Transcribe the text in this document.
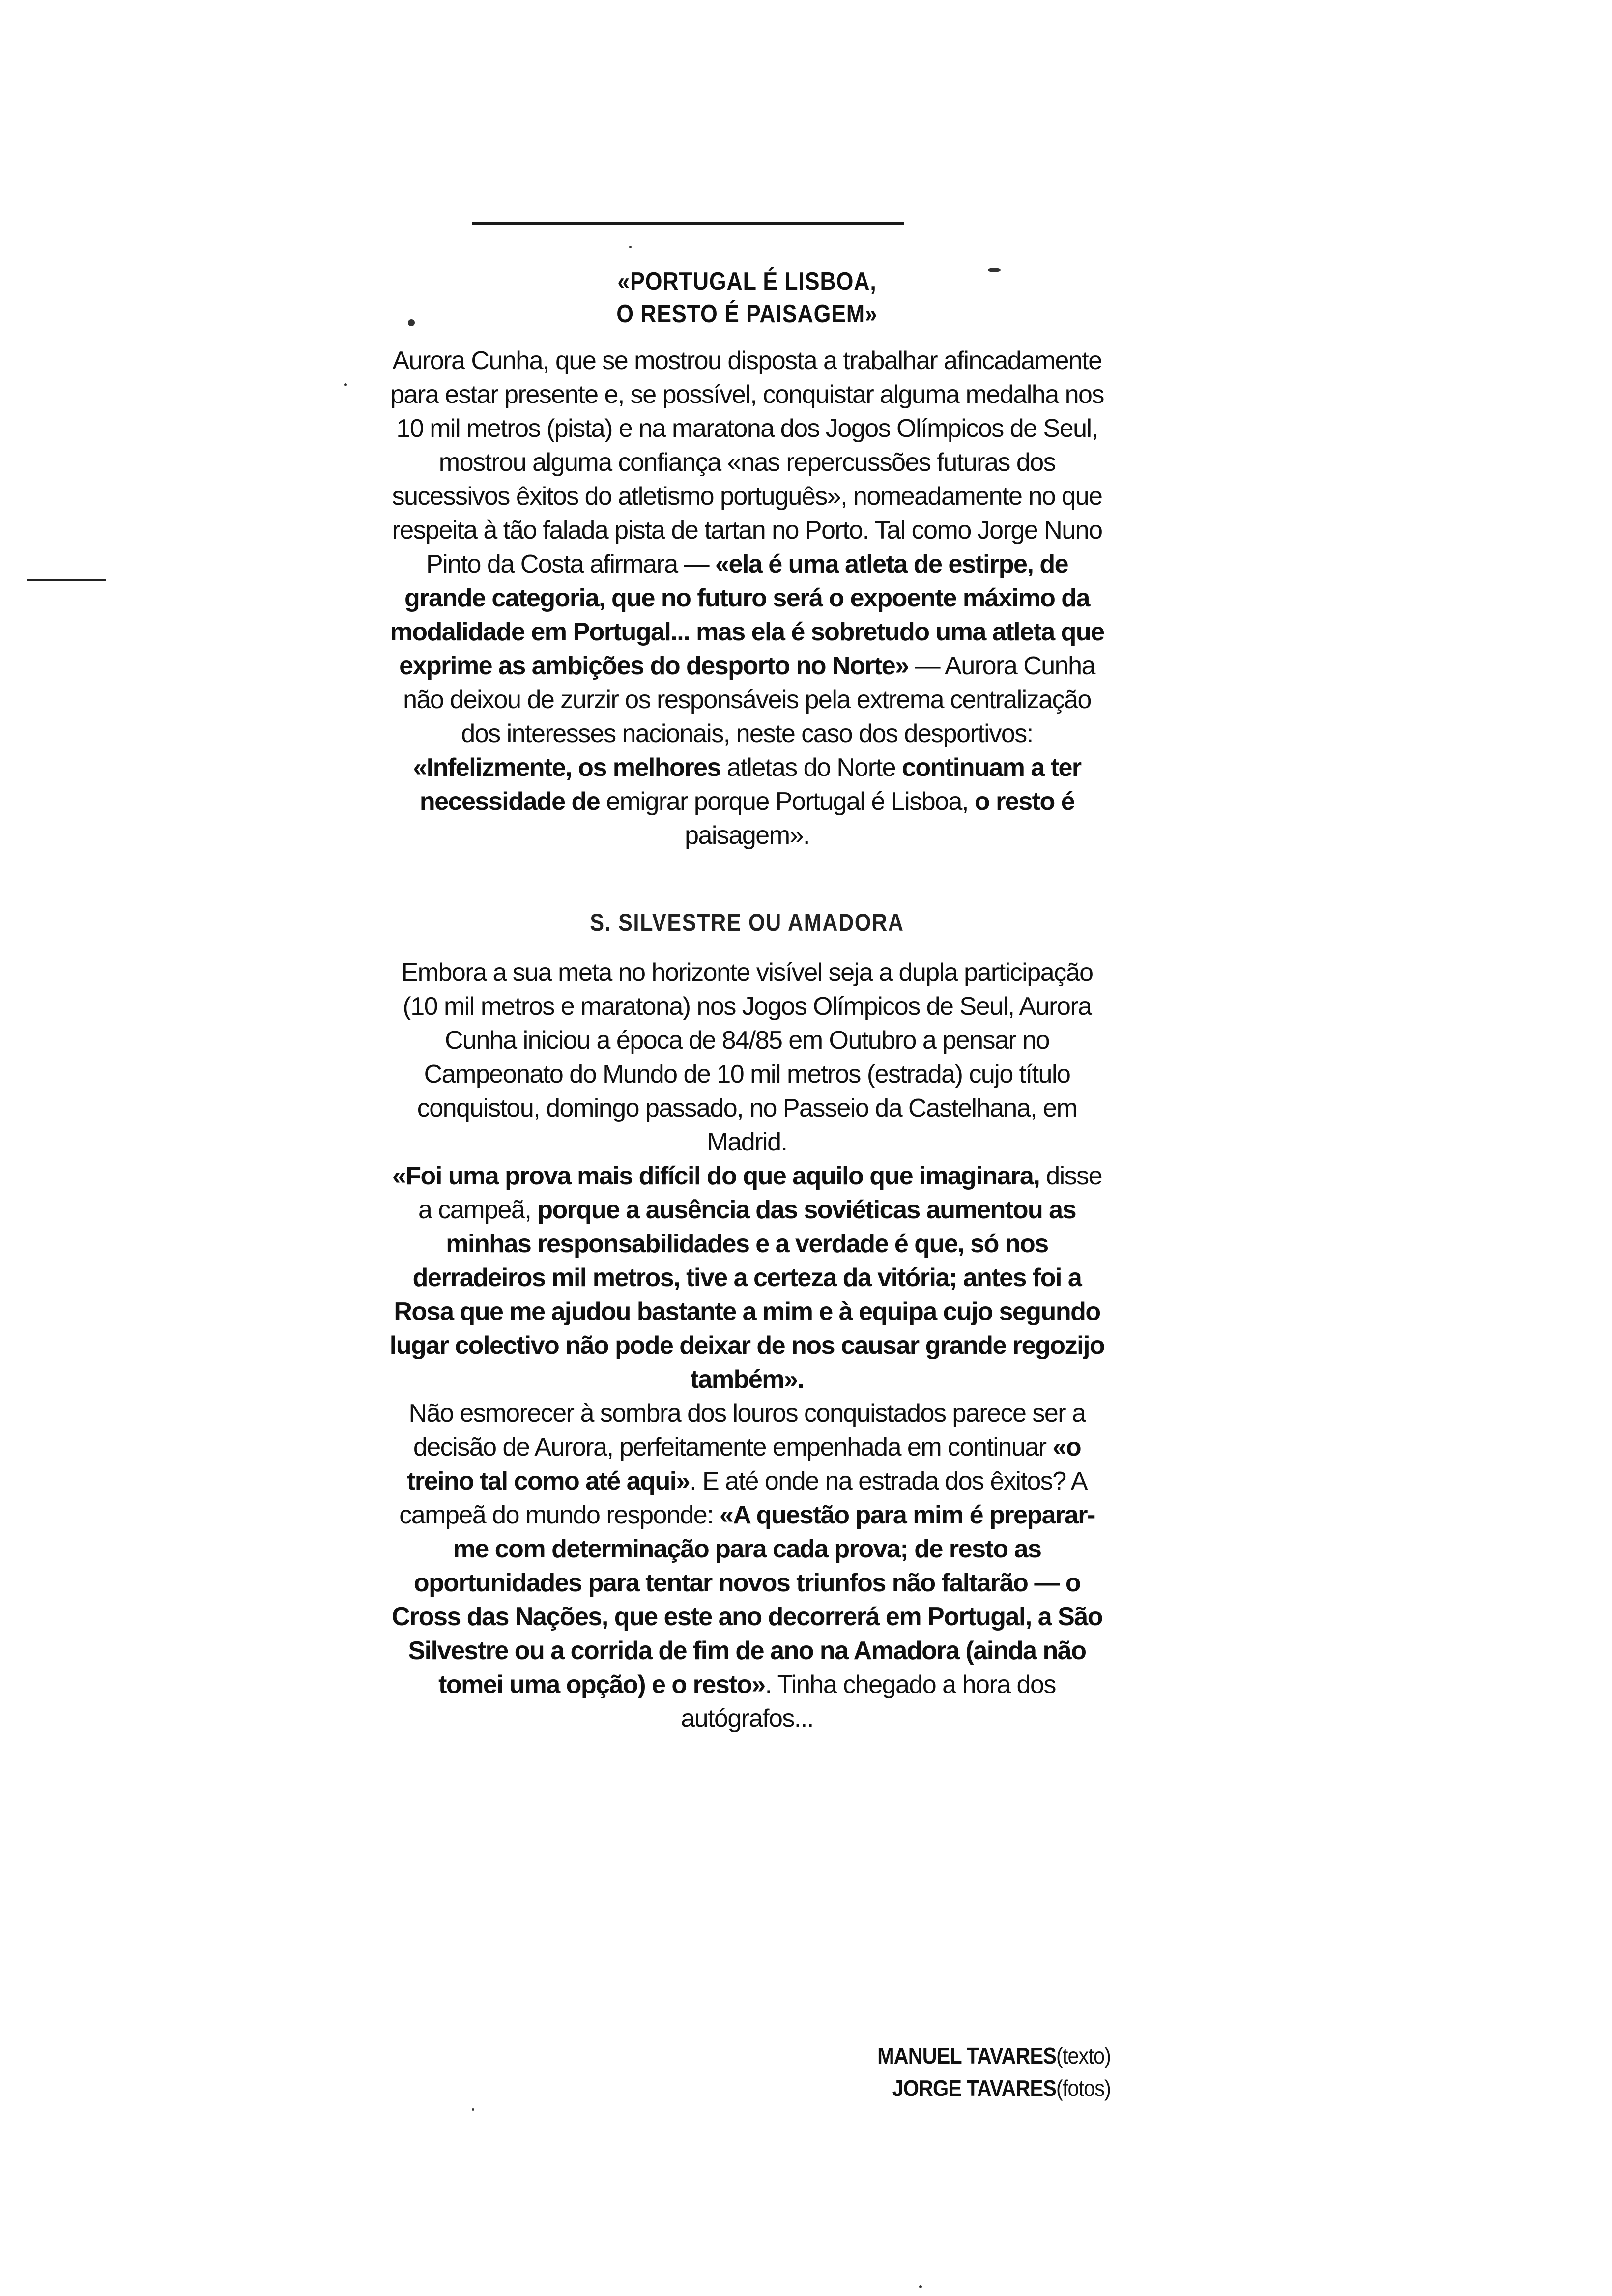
«PORTUGAL É LISBOA,
O RESTO É PAISAGEM»

Aurora Cunha, que se mostrou disposta a trabalhar afincadamente para estar presente e, se possível, conquistar alguma medalha nos 10 mil metros (pista) e na maratona dos Jogos Olímpicos de Seul, mostrou alguma confiança «nas repercussões futuras dos sucessivos êxitos do atletismo português», nomeadamente no que respeita à tão falada pista de tartan no Porto. Tal como Jorge Nuno Pinto da Costa afirmara — «ela é uma atleta de estirpe, de grande categoria, que no futuro será o expoente máximo da modalidade em Portugal... mas ela é sobretudo uma atleta que exprime as ambições do desporto no Norte» — Aurora Cunha não deixou de zurzir os responsáveis pela extrema centralização dos interesses nacionais, neste caso dos desportivos: «Infelizmente, os melhores atletas do Norte continuam a ter necessidade de emigrar porque Portugal é Lisboa, o resto é paisagem».

S. SILVESTRE OU AMADORA

Embora a sua meta no horizonte visível seja a dupla participação (10 mil metros e maratona) nos Jogos Olímpicos de Seul, Aurora Cunha iniciou a época de 84/85 em Outubro a pensar no Campeonato do Mundo de 10 mil metros (estrada) cujo título conquistou, domingo passado, no Passeio da Castelhana, em Madrid.
«Foi uma prova mais difícil do que aquilo que imaginara, disse a campeã, porque a ausência das soviéticas aumentou as minhas responsabilidades e a verdade é que, só nos derradeiros mil metros, tive a certeza da vitória; antes foi a Rosa que me ajudou bastante a mim e à equipa cujo segundo lugar colectivo não pode deixar de nos causar grande regozijo também».

Não esmorecer à sombra dos louros conquistados parece ser a decisão de Aurora, perfeitamente empenhada em continuar «o treino tal como até aqui». E até onde na estrada dos êxitos? A campeã do mundo responde: «A questão para mim é preparar-me com determinação para cada prova; de resto as oportunidades para tentar novos triunfos não faltarão — o Cross das Nações, que este ano decorrerá em Portugal, a São Silvestre ou a corrida de fim de ano na Amadora (ainda não tomei uma opção) e o resto». Tinha chegado a hora dos autógrafos...

MANUEL TAVARES(texto)
JORGE TAVARES(fotos)
